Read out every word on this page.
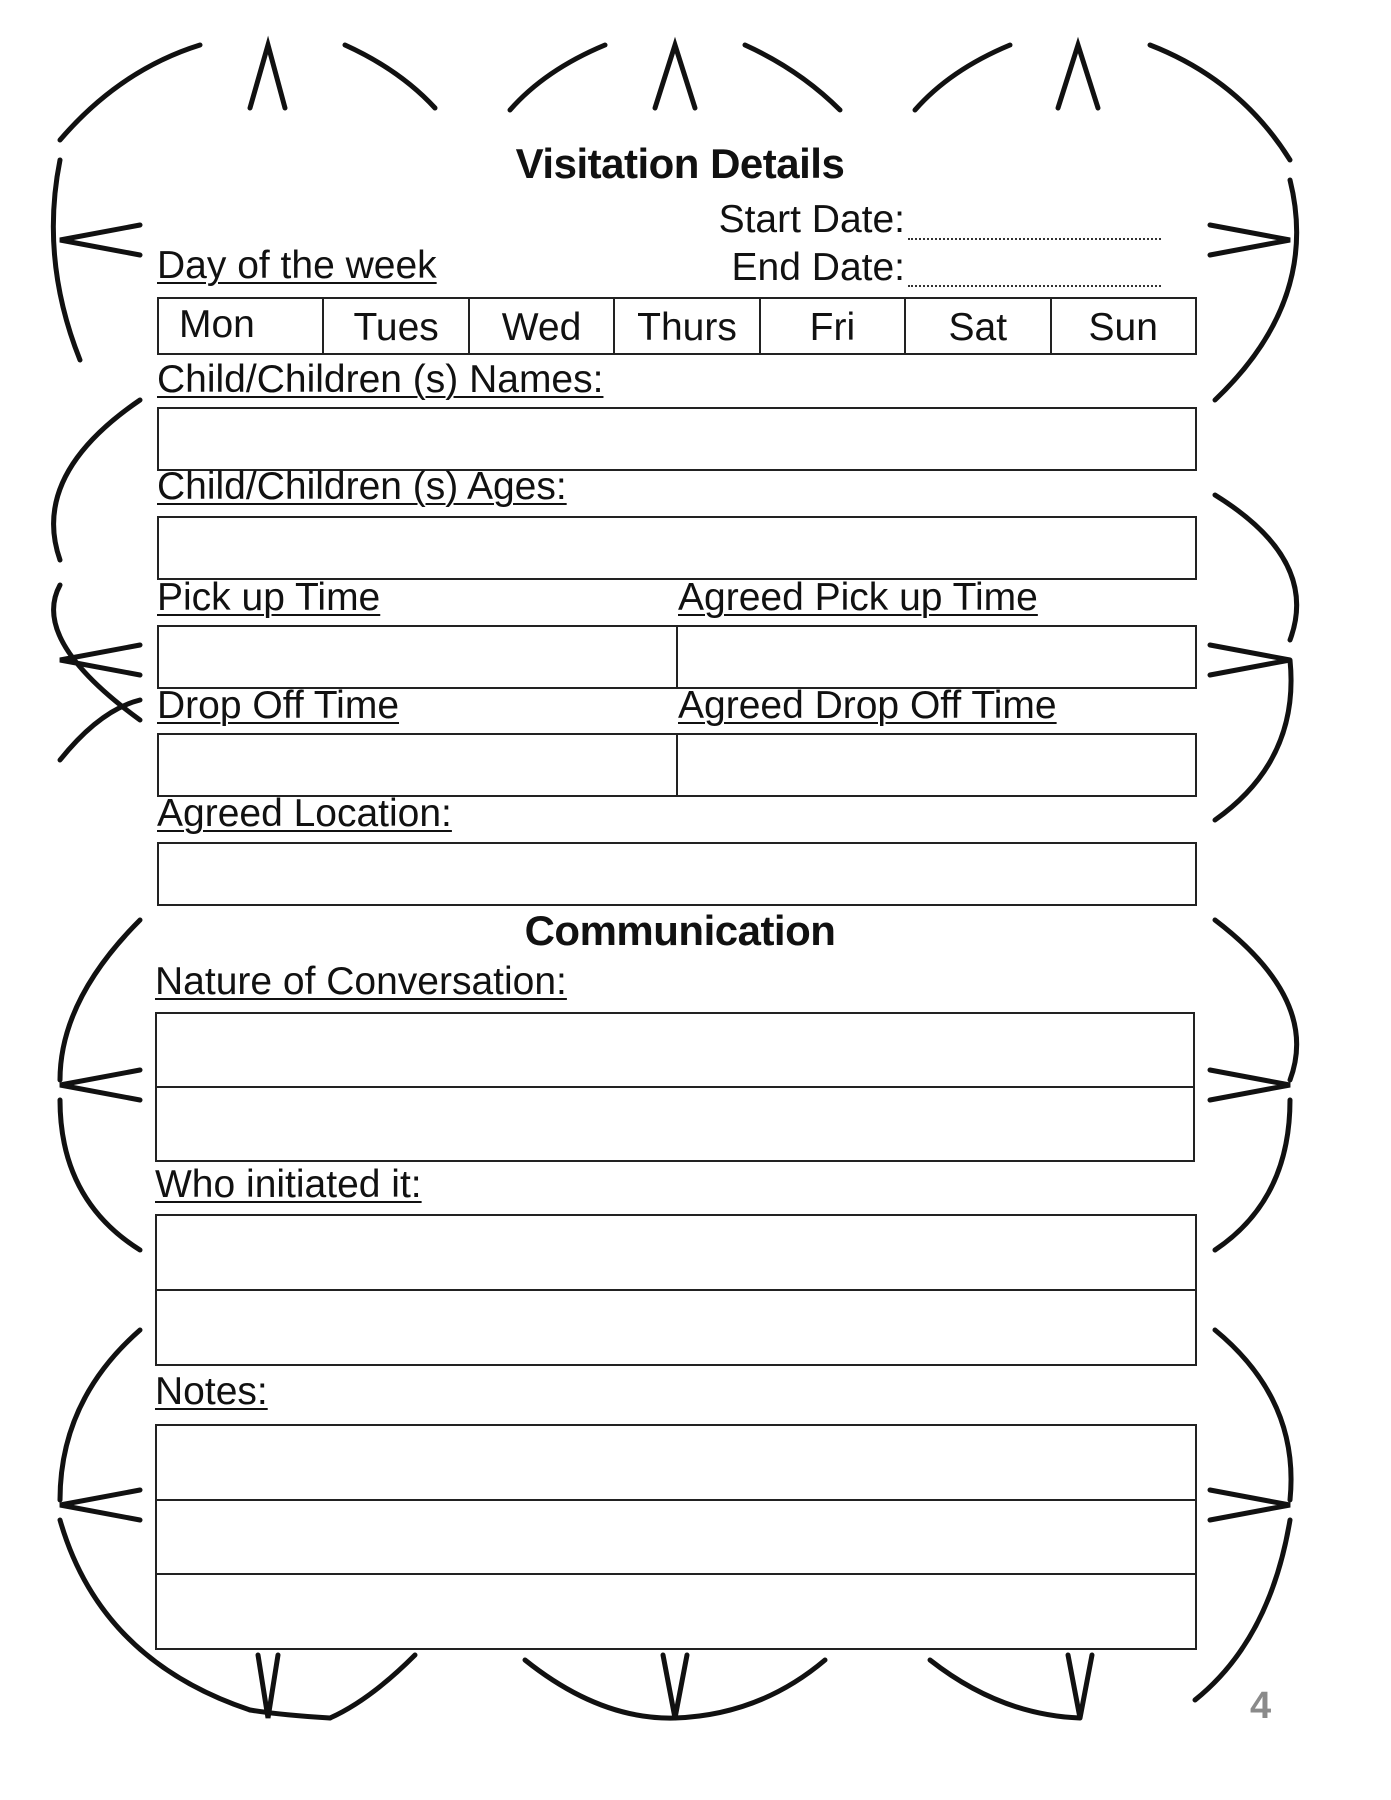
Visitation Details
Start Date:
End Date:
Day of the week
Mon	Tues	Wed	Thurs	Fri	Sat	Sun
Child/Children (s) Names:
Child/Children (s) Ages:
Pick up Time	Agreed Pick up Time
Drop Off Time	Agreed Drop Off Time
Agreed Location:
Communication
Nature of Conversation:
Who initiated it:
Notes:
4
